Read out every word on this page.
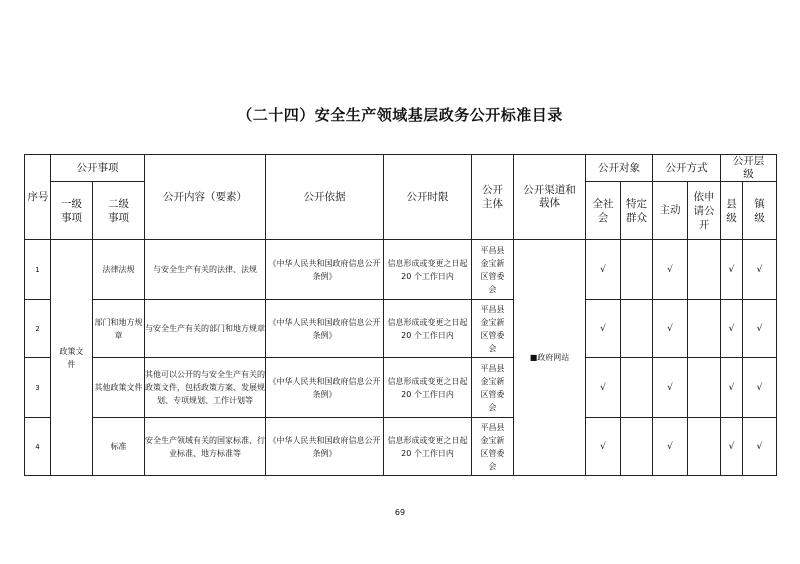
（二十四）安全生产领域基层政务公开标准目录
序号	公开事项		公开内容（要素）	公开依据	公开时限	公开主体	公开渠道和载体	公开对象		公开方式		公开层级	
	一级事项	二级事项						全社会	特定群众	主动	依申请公开	县级	镇级
1	政策文件	法律法规	与安全生产有关的法律、法规	《中华人民共和国政府信息公开条例》	信息形成或变更之日起 20 个工作日内	平昌县金宝新区管委会	■政府网站	√		√		√	√
2		部门和地方规章	与安全生产有关的部门和地方规章	《中华人民共和国政府信息公开条例》	信息形成或变更之日起 20 个工作日内	平昌县金宝新区管委会		√		√		√	√
3		其他政策文件	其他可以公开的与安全生产有关的政策文件，包括政策方案、发展规划、专项规划、工作计划等	《中华人民共和国政府信息公开条例》	信息形成或变更之日起 20 个工作日内	平昌县金宝新区管委会		√		√		√	√
4		标准	安全生产领域有关的国家标准、行业标准、地方标准等	《中华人民共和国政府信息公开条例》	信息形成或变更之日起 20 个工作日内	平昌县金宝新区管委会		√		√		√	√
69
